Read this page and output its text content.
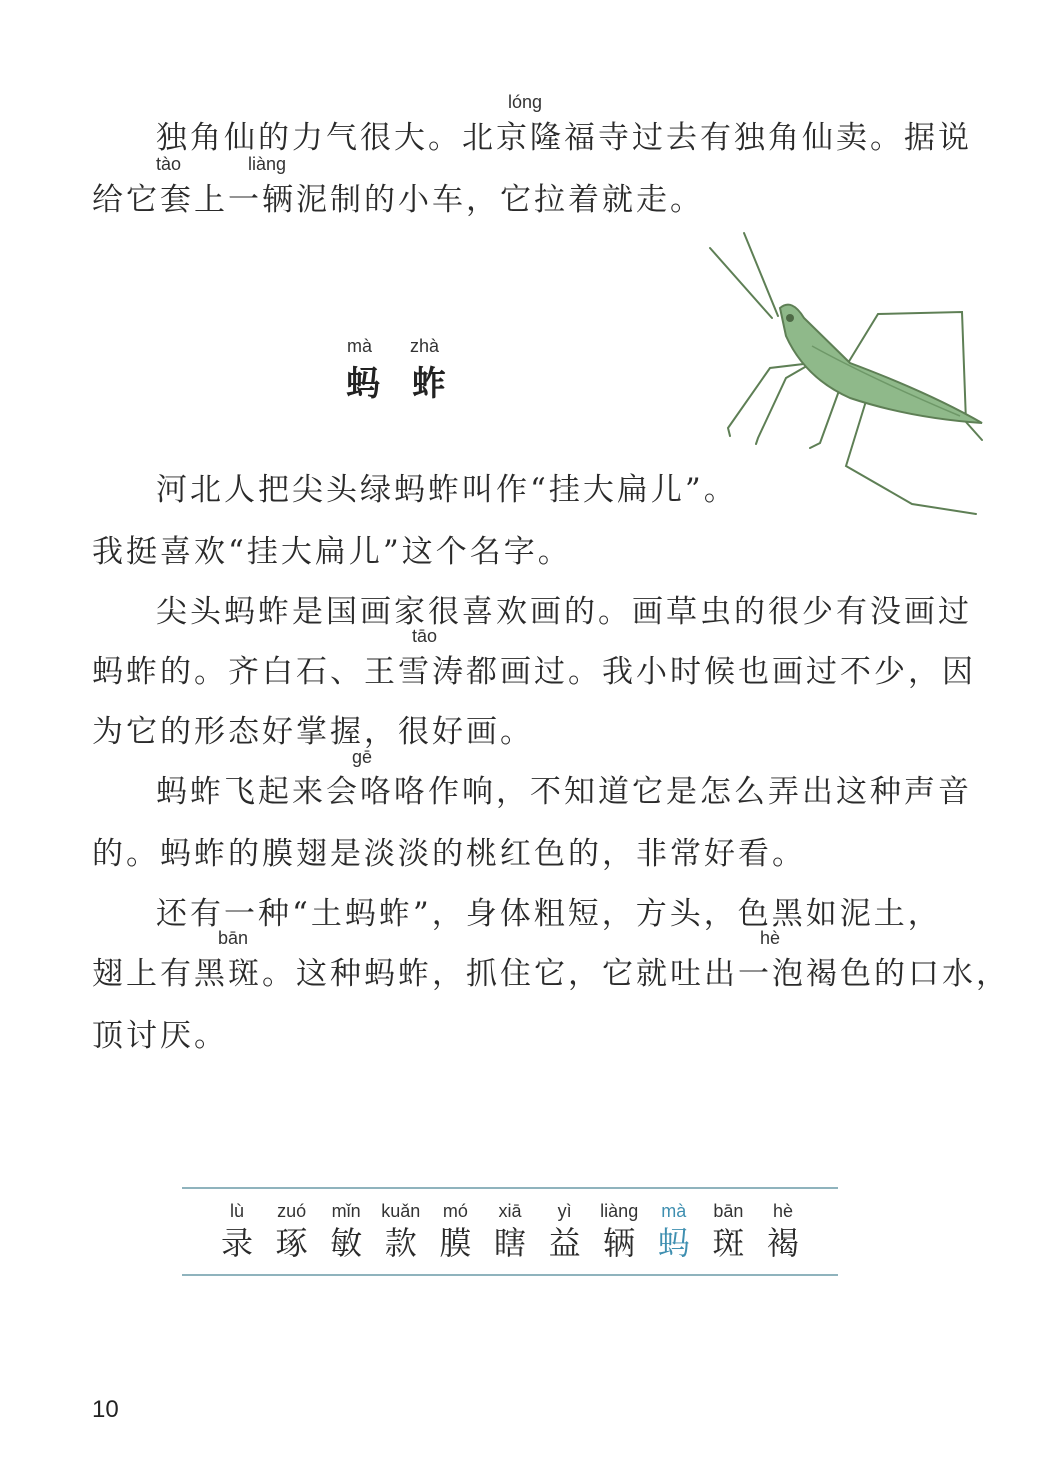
lóng
独角仙的力气很大。北京隆福寺过去有独角仙卖。据说
tào	liàng
给它套上一辆泥制的小车，它拉着就走。
mà zhà
蚂 蚱
河北人把尖头绿蚂蚱叫作“挂大扁儿”。
我挺喜欢“挂大扁儿”这个名字。
尖头蚂蚱是国画家很喜欢画的。画草虫的很少有没画过
tāo
蚂蚱的。齐白石、王雪涛都画过。我小时候也画过不少，因
为它的形态好掌握，很好画。
gē
蚂蚱飞起来会咯咯作响，不知道它是怎么弄出这种声音
的。蚂蚱的膜翅是淡淡的桃红色的，非常好看。
还有一种“土蚂蚱”，身体粗短，方头，色黑如泥土，
bān	hè
翅上有黑斑。这种蚂蚱，抓住它，它就吐出一泡褐色的口水，
顶讨厌。
lù
录
zuó
琢
mǐn
敏
kuǎn
款
mó
膜
xiā
瞎
yì
益
liàng
辆
mà
蚂
bān
斑
hè
褐
10
